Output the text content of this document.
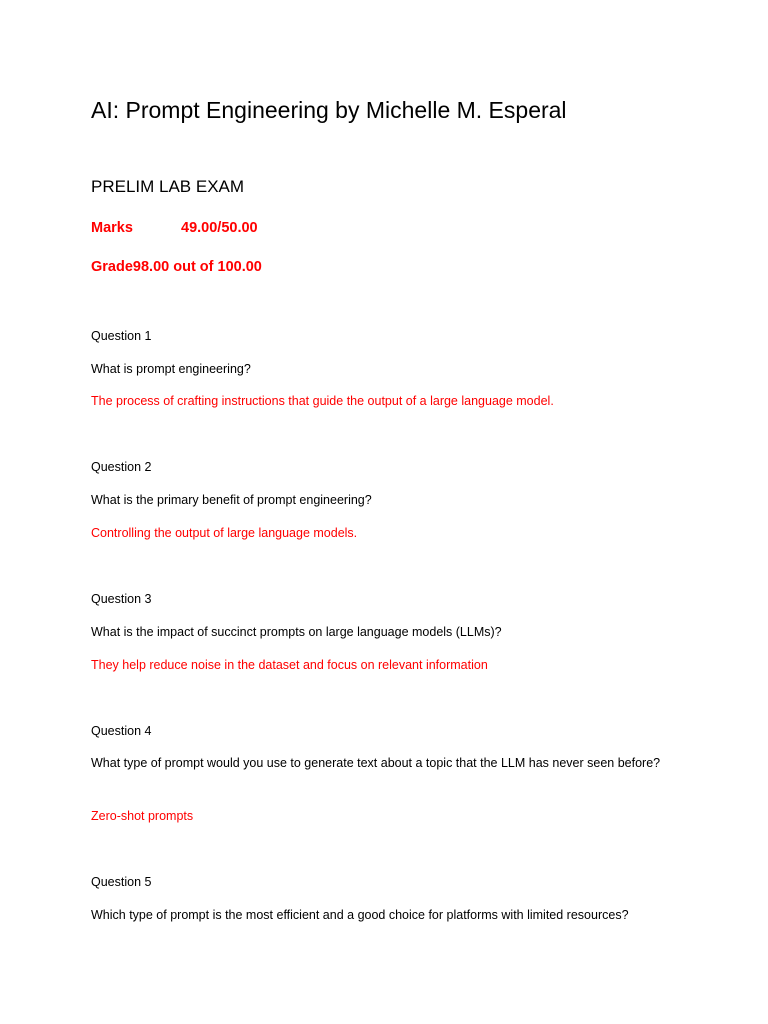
AI: Prompt Engineering by Michelle M. Esperal
PRELIM LAB EXAM
Marks	49.00/50.00
Grade98.00 out of 100.00
Question 1
What is prompt engineering?
The process of crafting instructions that guide the output of a large language model.
Question 2
What is the primary benefit of prompt engineering?
Controlling the output of large language models.
Question 3
What is the impact of succinct prompts on large language models (LLMs)?
They help reduce noise in the dataset and focus on relevant information
Question 4
What type of prompt would you use to generate text about a topic that the LLM has never seen before?
Zero-shot prompts
Question 5
Which type of prompt is the most efficient and a good choice for platforms with limited resources?
